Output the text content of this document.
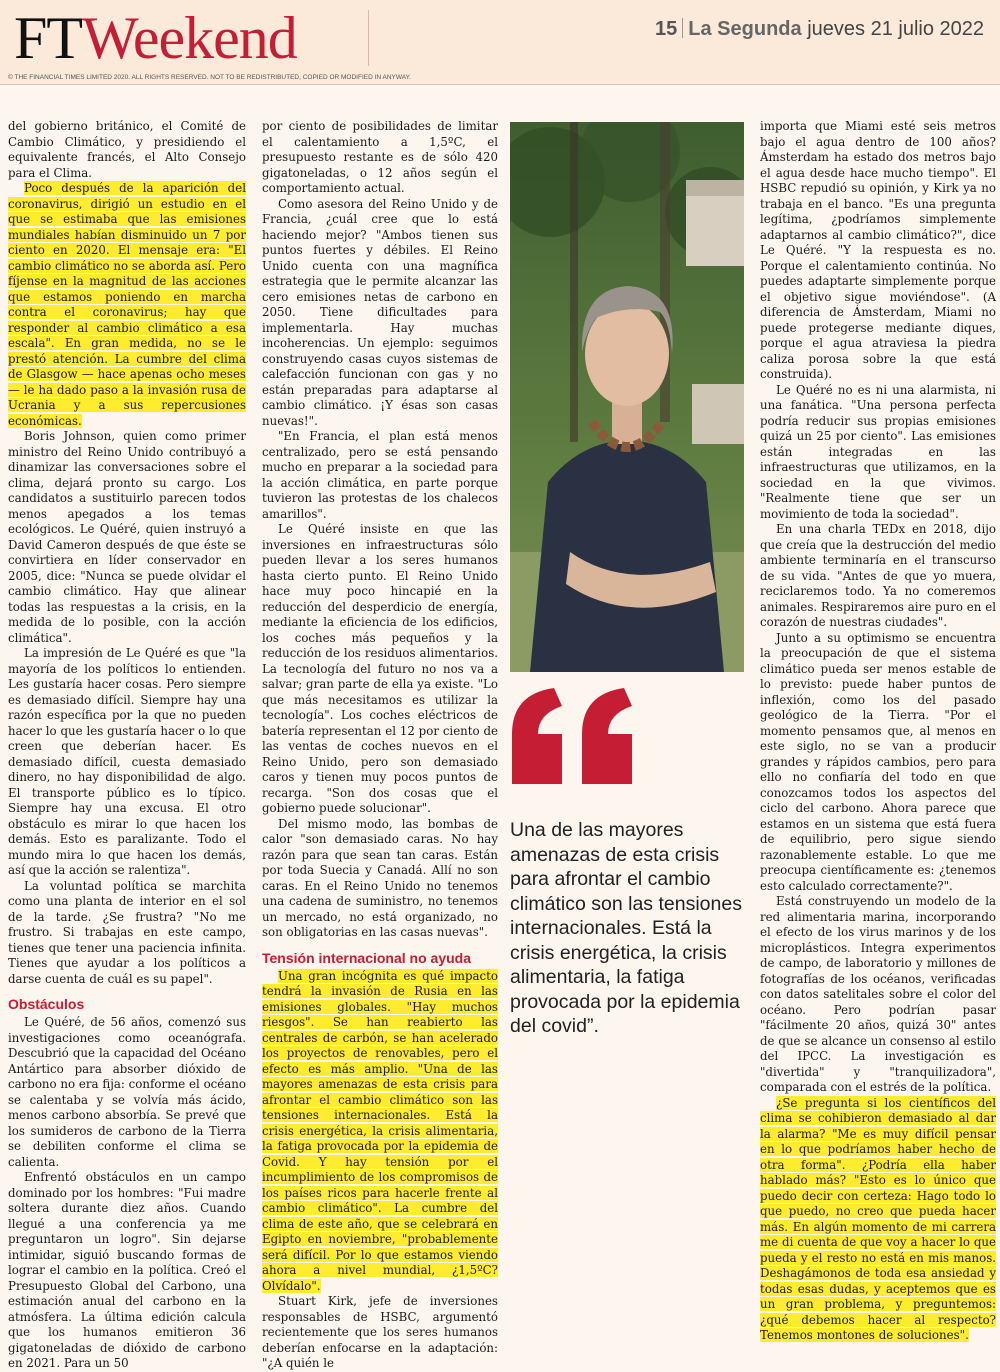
FTWeekend	15 La Segunda jueves 21 julio 2022
© THE FINANCIAL TIMES LIMITED 2020. ALL RIGHTS RESERVED. NOT TO BE REDISTRIBUTED, COPIED OR MODIFIED IN ANYWAY.

del gobierno británico, el Comité de Cambio Climático, y presidiendo el equivalente francés, el Alto Consejo para el Clima.

Poco después de la aparición del coronavirus, dirigió un estudio en el que se estimaba que las emisiones mundiales habían disminuido un 7 por ciento en 2020. El mensaje era: "El cambio climático no se aborda así. Pero fíjense en la magnitud de las acciones que estamos poniendo en marcha contra el coronavirus; hay que responder al cambio climático a esa escala". En gran medida, no se le prestó atención. La cumbre del clima de Glasgow — hace apenas ocho meses — le ha dado paso a la invasión rusa de Ucrania y a sus repercusiones económicas.

Boris Johnson, quien como primer ministro del Reino Unido contribuyó a dinamizar las conversaciones sobre el clima, dejará pronto su cargo. Los candidatos a sustituirlo parecen todos menos apegados a los temas ecológicos. Le Quéré, quien instruyó a David Cameron después de que éste se convirtiera en líder conservador en 2005, dice: "Nunca se puede olvidar el cambio climático. Hay que alinear todas las respuestas a la crisis, en la medida de lo posible, con la acción climática".

La impresión de Le Quéré es que "la mayoría de los políticos lo entienden. Les gustaría hacer cosas. Pero siempre es demasiado difícil. Siempre hay una razón específica por la que no pueden hacer lo que les gustaría hacer o lo que creen que deberían hacer. Es demasiado difícil, cuesta demasiado dinero, no hay disponibilidad de algo. El transporte público es lo típico. Siempre hay una excusa. El otro obstáculo es mirar lo que hacen los demás. Esto es paralizante. Todo el mundo mira lo que hacen los demás, así que la acción se ralentiza".

La voluntad política se marchita como una planta de interior en el sol de la tarde. ¿Se frustra? "No me frustro. Si trabajas en este campo, tienes que tener una paciencia infinita. Tienes que ayudar a los políticos a darse cuenta de cuál es su papel".

Obstáculos

Le Quéré, de 56 años, comenzó sus investigaciones como oceanógrafa. Descubrió que la capacidad del Océano Antártico para absorber dióxido de carbono no era fija: conforme el océano se calentaba y se volvía más ácido, menos carbono absorbía. Se prevé que los sumideros de carbono de la Tierra se debiliten conforme el clima se calienta.

Enfrentó obstáculos en un campo dominado por los hombres: "Fui madre soltera durante diez años. Cuando llegué a una conferencia ya me preguntaron un logro". Sin dejarse intimidar, siguió buscando formas de lograr el cambio en la política. Creó el Presupuesto Global del Carbono, una estimación anual del carbono en la atmósfera. La última edición calcula que los humanos emitieron 36 gigatoneladas de dióxido de carbono en 2021. Para un 50

por ciento de posibilidades de limitar el calentamiento a 1,5ºC, el presupuesto restante es de sólo 420 gigatoneladas, o 12 años según el comportamiento actual.

Como asesora del Reino Unido y de Francia, ¿cuál cree que lo está haciendo mejor? "Ambos tienen sus puntos fuertes y débiles. El Reino Unido cuenta con una magnífica estrategia que le permite alcanzar las cero emisiones netas de carbono en 2050. Tiene dificultades para implementarla. Hay muchas incoherencias. Un ejemplo: seguimos construyendo casas cuyos sistemas de calefacción funcionan con gas y no están preparadas para adaptarse al cambio climático. ¡Y ésas son casas nuevas!".

"En Francia, el plan está menos centralizado, pero se está pensando mucho en preparar a la sociedad para la acción climática, en parte porque tuvieron las protestas de los chalecos amarillos".

Le Quéré insiste en que las inversiones en infraestructuras sólo pueden llevar a los seres humanos hasta cierto punto. El Reino Unido hace muy poco hincapié en la reducción del desperdicio de energía, mediante la eficiencia de los edificios, los coches más pequeños y la reducción de los residuos alimentarios. La tecnología del futuro no nos va a salvar; gran parte de ella ya existe. "Lo que más necesitamos es utilizar la tecnología". Los coches eléctricos de batería representan el 12 por ciento de las ventas de coches nuevos en el Reino Unido, pero son demasiado caros y tienen muy pocos puntos de recarga. "Son dos cosas que el gobierno puede solucionar".

Del mismo modo, las bombas de calor "son demasiado caras. No hay razón para que sean tan caras. Están por toda Suecia y Canadá. Allí no son caras. En el Reino Unido no tenemos una cadena de suministro, no tenemos un mercado, no está organizado, no son obligatorias en las casas nuevas".

Tensión internacional no ayuda

Una gran incógnita es qué impacto tendrá la invasión de Rusia en las emisiones globales. "Hay muchos riesgos". Se han reabierto las centrales de carbón, se han acelerado los proyectos de renovables, pero el efecto es más amplio. "Una de las mayores amenazas de esta crisis para afrontar el cambio climático son las tensiones internacionales. Está la crisis energética, la crisis alimentaria, la fatiga provocada por la epidemia de Covid. Y hay tensión por el incumplimiento de los compromisos de los países ricos para hacerle frente al cambio climático". La cumbre del clima de este año, que se celebrará en Egipto en noviembre, "probablemente será difícil. Por lo que estamos viendo ahora a nivel mundial, ¿1,5ºC? Olvídalo".

Stuart Kirk, jefe de inversiones responsables de HSBC, argumentó recientemente que los seres humanos deberían enfocarse en la adaptación: "¿A quién le

Una de las mayores amenazas de esta crisis para afrontar el cambio climático son las tensiones internacionales. Está la crisis energética, la crisis alimentaria, la fatiga provocada por la epidemia del covid”.

importa que Miami esté seis metros bajo el agua dentro de 100 años? Ámsterdam ha estado dos metros bajo el agua desde hace mucho tiempo". El HSBC repudió su opinión, y Kirk ya no trabaja en el banco. "Es una pregunta legítima, ¿podríamos simplemente adaptarnos al cambio climático?", dice Le Quéré. "Y la respuesta es no. Porque el calentamiento continúa. No puedes adaptarte simplemente porque el objetivo sigue moviéndose". (A diferencia de Ámsterdam, Miami no puede protegerse mediante diques, porque el agua atraviesa la piedra caliza porosa sobre la que está construida).

Le Quéré no es ni una alarmista, ni una fanática. "Una persona perfecta podría reducir sus propias emisiones quizá un 25 por ciento". Las emisiones están integradas en las infraestructuras que utilizamos, en la sociedad en la que vivimos. "Realmente tiene que ser un movimiento de toda la sociedad".

En una charla TEDx en 2018, dijo que creía que la destrucción del medio ambiente terminaría en el transcurso de su vida. "Antes de que yo muera, reciclaremos todo. Ya no comeremos animales. Respiraremos aire puro en el corazón de nuestras ciudades".

Junto a su optimismo se encuentra la preocupación de que el sistema climático pueda ser menos estable de lo previsto: puede haber puntos de inflexión, como los del pasado geológico de la Tierra. "Por el momento pensamos que, al menos en este siglo, no se van a producir grandes y rápidos cambios, pero para ello no confiaría del todo en que conozcamos todos los aspectos del ciclo del carbono. Ahora parece que estamos en un sistema que está fuera de equilibrio, pero sigue siendo razonablemente estable. Lo que me preocupa científicamente es: ¿tenemos esto calculado correctamente?".

Está construyendo un modelo de la red alimentaria marina, incorporando el efecto de los virus marinos y de los microplásticos. Integra experimentos de campo, de laboratorio y millones de fotografías de los océanos, verificadas con datos satelitales sobre el color del océano. Pero podrían pasar "fácilmente 20 años, quizá 30" antes de que se alcance un consenso al estilo del IPCC. La investigación es "divertida" y "tranquilizadora", comparada con el estrés de la política.

¿Se pregunta si los científicos del clima se cohibieron demasiado al dar la alarma? "Me es muy difícil pensar en lo que podríamos haber hecho de otra forma". ¿Podría ella haber hablado más? "Esto es lo único que puedo decir con certeza: Hago todo lo que puedo, no creo que pueda hacer más. En algún momento de mi carrera me di cuenta de que voy a hacer lo que pueda y el resto no está en mis manos. Deshagámonos de toda esa ansiedad y todas esas dudas, y aceptemos que es un gran problema, y preguntemos: ¿qué debemos hacer al respecto? Tenemos montones de soluciones".
